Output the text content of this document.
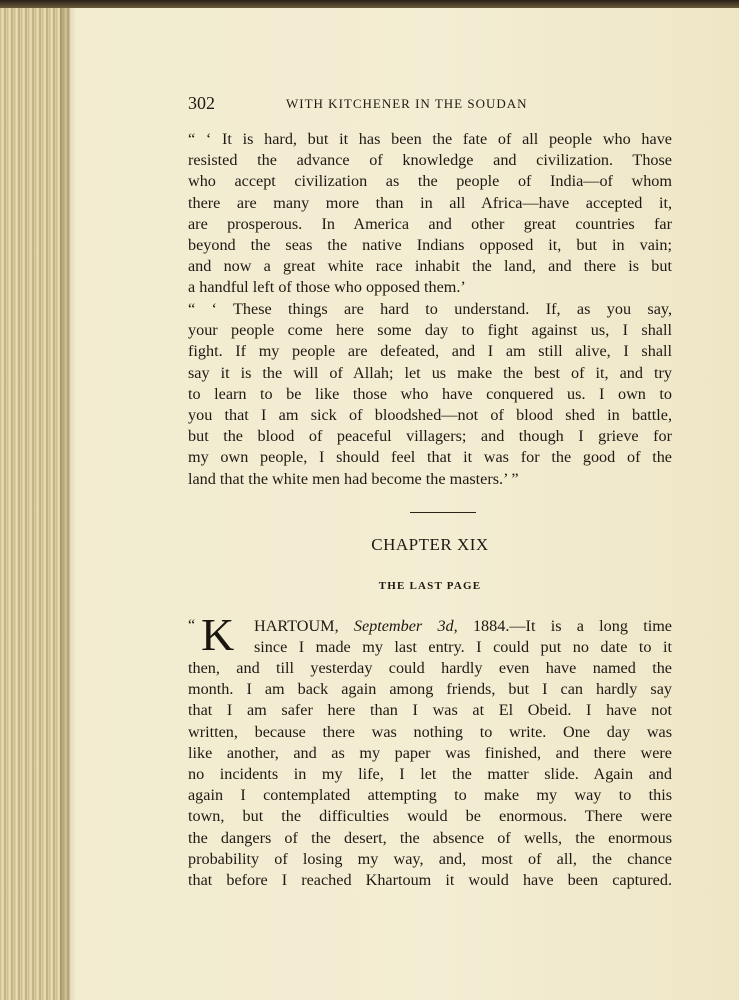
302	WITH KITCHENER IN THE SOUDAN
“ ‘ It is hard, but it has been the fate of all people who have
resisted the advance of knowledge and civilization. Those
who accept civilization as the people of India—of whom
there are many more than in all Africa—have accepted it,
are prosperous. In America and other great countries far
beyond the seas the native Indians opposed it, but in vain;
and now a great white race inhabit the land, and there is but
a handful left of those who opposed them.’
“ ‘ These things are hard to understand. If, as you say,
your people come here some day to fight against us, I shall
fight. If my people are defeated, and I am still alive, I shall
say it is the will of Allah; let us make the best of it, and try
to learn to be like those who have conquered us. I own to
you that I am sick of bloodshed—not of blood shed in battle,
but the blood of peaceful villagers; and though I grieve for
my own people, I should feel that it was for the good of the
land that the white men had become the masters.’ ”
CHAPTER XIX
THE LAST PAGE
“ K HARTOUM, September 3d, 1884.—It is a long time
since I made my last entry. I could put no date to it
then, and till yesterday could hardly even have named the
month. I am back again among friends, but I can hardly say
that I am safer here than I was at El Obeid. I have not
written, because there was nothing to write. One day was
like another, and as my paper was finished, and there were
no incidents in my life, I let the matter slide. Again and
again I contemplated attempting to make my way to this
town, but the difficulties would be enormous. There were
the dangers of the desert, the absence of wells, the enormous
probability of losing my way, and, most of all, the chance
that before I reached Khartoum it would have been captured.
